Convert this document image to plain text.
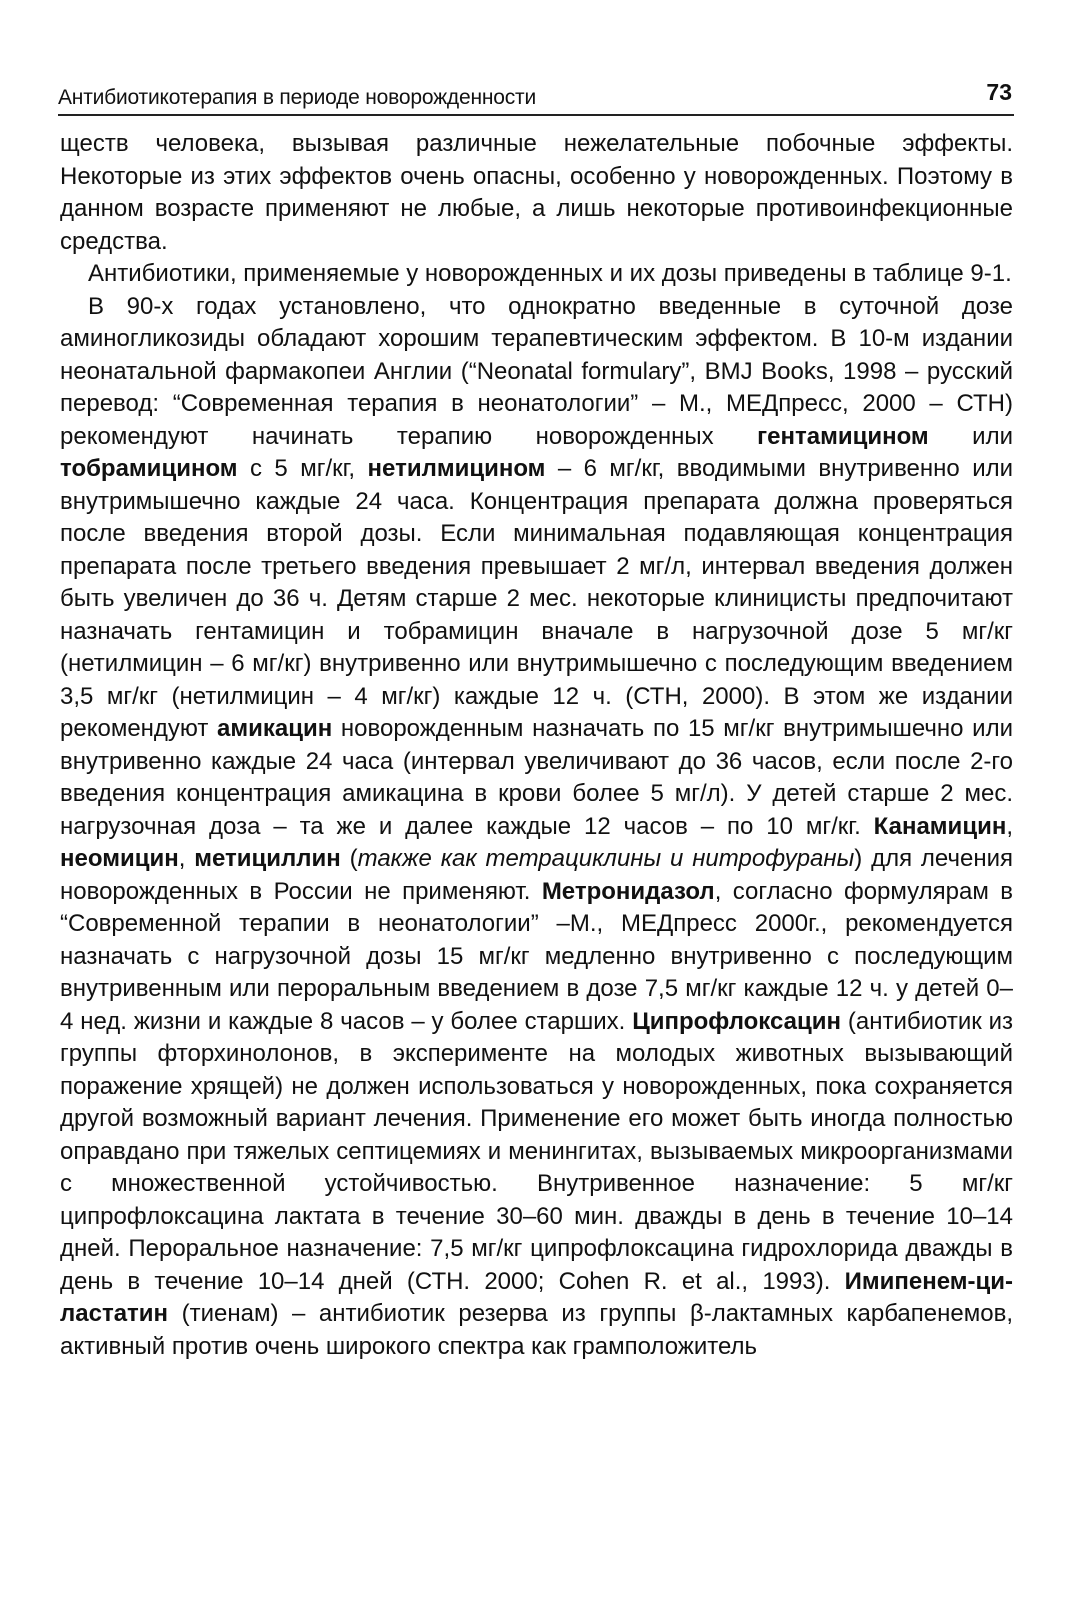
Антибиотикотерапия в периоде новорожденности	73

ществ человека, вызывая различные нежелательные побочные эффекты. Некоторые из этих эффектов очень опасны, особенно у новорожденных. Поэтому в данном возрасте применяют не любые, а лишь некоторые противоинфекционные средства.

Антибиотики, применяемые у новорожденных и их дозы приведены в таблице 9-1.

В 90-х годах установлено, что однократно введенные в суточной дозе аминогликозиды обладают хорошим терапевтическим эффектом. В 10-м издании неонатальной фармакопеи Англии (“Neonatal formulary”, BMJ Books, 1998 – русский перевод: “Современная терапия в неонатологии” – М., МЕДпресс, 2000 – СТН) рекомендуют начинать терапию новорожденных гентамицином или тобрамицином с 5 мг/кг, нетилмицином – 6 мг/кг, вводимыми внутривенно или внутримышечно каждые 24 часа. Концентрация препарата должна проверяться после введения второй дозы. Если минимальная подавляющая концентрация препарата после третьего введения превышает 2 мг/л, интервал введения должен быть увеличен до 36 ч. Детям старше 2 мес. некоторые клиницисты предпочитают назначать гентамицин и тобрамицин вначале в нагрузочной дозе 5 мг/кг (нетилмицин – 6 мг/кг) внутривенно или внутримышечно с последующим введением 3,5 мг/кг (нетилмицин – 4 мг/кг) каждые 12 ч. (СТН, 2000). В этом же издании рекомендуют амикацин новорожденным назначать по 15 мг/кг внутримышечно или внутривенно каждые 24 часа (интервал увеличивают до 36 часов, если после 2-го введения концентрация амикацина в крови более 5 мг/л). У детей старше 2 мес. нагрузочная доза – та же и далее каждые 12 часов – по 10 мг/кг. Канамицин, неомицин, метициллин (также как тетрациклины и нитрофураны) для лечения новорожденных в России не применяют. Метронидазол, согласно формулярам в “Современной терапии в неонатологии” –М., МЕДпресс 2000г., рекомендуется назначать с нагрузочной дозы 15 мг/кг медленно внутривенно с последующим внутривенным или пероральным введением в дозе 7,5 мг/кг каждые 12 ч. у детей 0–4 нед. жизни и каждые 8 часов – у более старших. Ципрофлоксацин (антибиотик из группы фторхинолонов, в эксперименте на молодых животных вызывающий поражение хрящей) не должен использоваться у новорожденных, пока сохраняется другой возможный вариант лечения. Применение его может быть иногда полностью оправдано при тяжелых септицемиях и менингитах, вызываемых микроорганизмами с множественной устойчивостью. Внутривенное назначение: 5 мг/кг ципрофлоксацина лактата в течение 30–60 мин. дважды в день в течение 10–14 дней. Пероральное назначение: 7,5 мг/кг ципрофлоксацина гидрохлорида дважды в день в течение 10–14 дней (СТН. 2000; Cohen R. et al., 1993). Имипенем-циластатин (тиенам) – антибиотик резерва из группы β-лактамных карбапенемов, активный против очень широкого спектра как грамположитель
